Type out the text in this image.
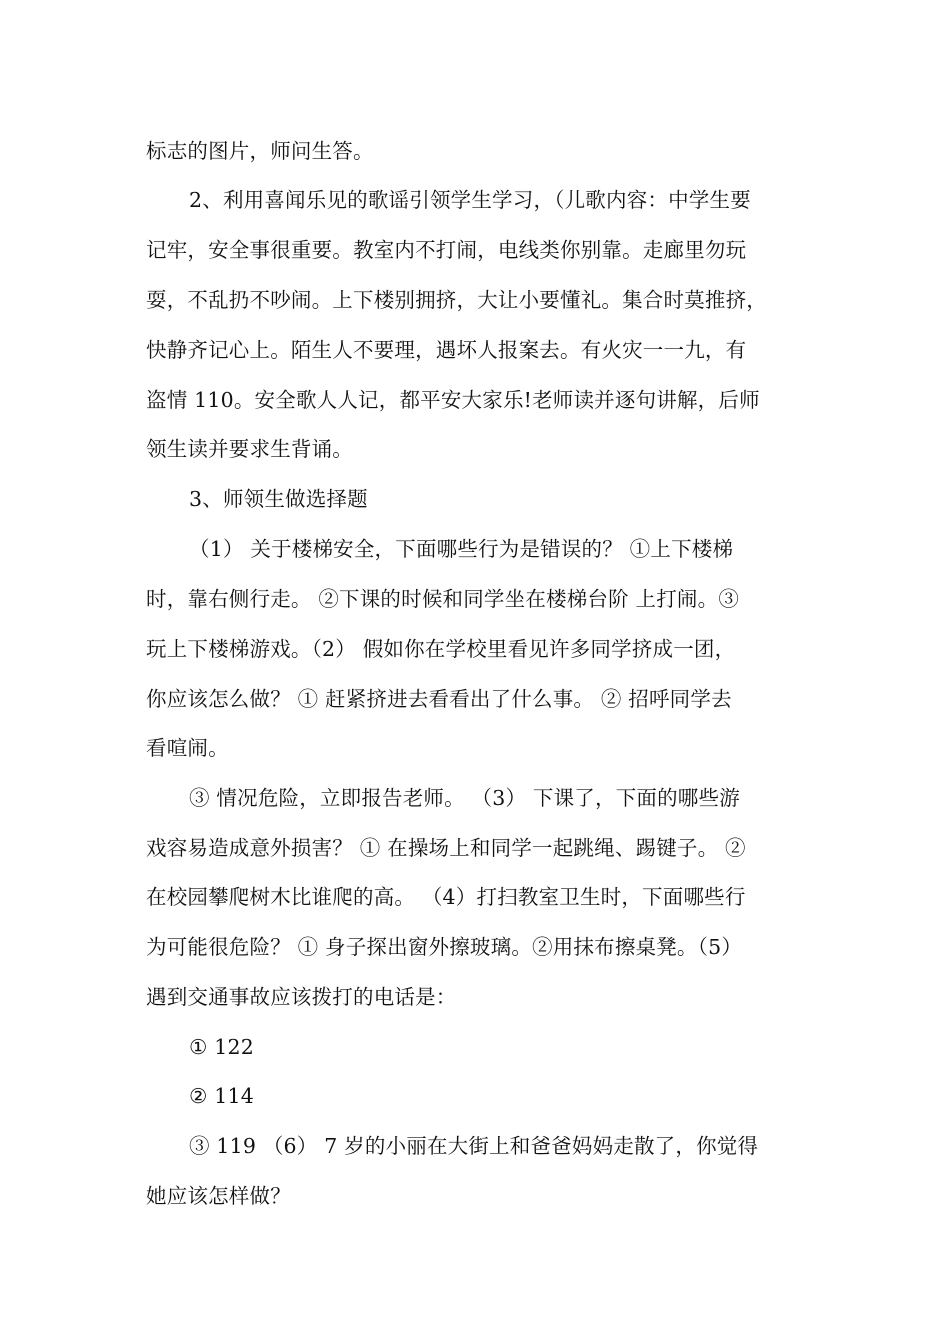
标志的图片，师问生答。
2、利用喜闻乐见的歌谣引领学生学习，（儿歌内容：中学生要
记牢，安全事很重要。教室内不打闹，电线类你别靠。走廊里勿玩
耍，不乱扔不吵闹。上下楼别拥挤，大让小要懂礼。集合时莫推挤，
快静齐记心上。陌生人不要理，遇坏人报案去。有火灾一一九，有
盗情 110。安全歌人人记，都平安大家乐!老师读并逐句讲解，后师
领生读并要求生背诵。
3、师领生做选择题
（1） 关于楼梯安全，下面哪些行为是错误的？ ①上下楼梯
时，靠右侧行走。 ②下课的时候和同学坐在楼梯台阶 上打闹。③
玩上下楼梯游戏。（2） 假如你在学校里看见许多同学挤成一团，
你应该怎么做？ ① 赶紧挤进去看看出了什么事。 ② 招呼同学去
看喧闹。
③ 情况危险，立即报告老师。 （3） 下课了，下面的哪些游
戏容易造成意外损害？ ① 在操场上和同学一起跳绳、踢键子。 ②
在校园攀爬树木比谁爬的高。 （4）打扫教室卫生时，下面哪些行
为可能很危险？ ① 身子探出窗外擦玻璃。②用抹布擦桌凳。（5）
遇到交通事故应该拨打的电话是：
① 122
② 114
③ 119 （6） 7 岁的小丽在大街上和爸爸妈妈走散了，你觉得
她应该怎样做？
